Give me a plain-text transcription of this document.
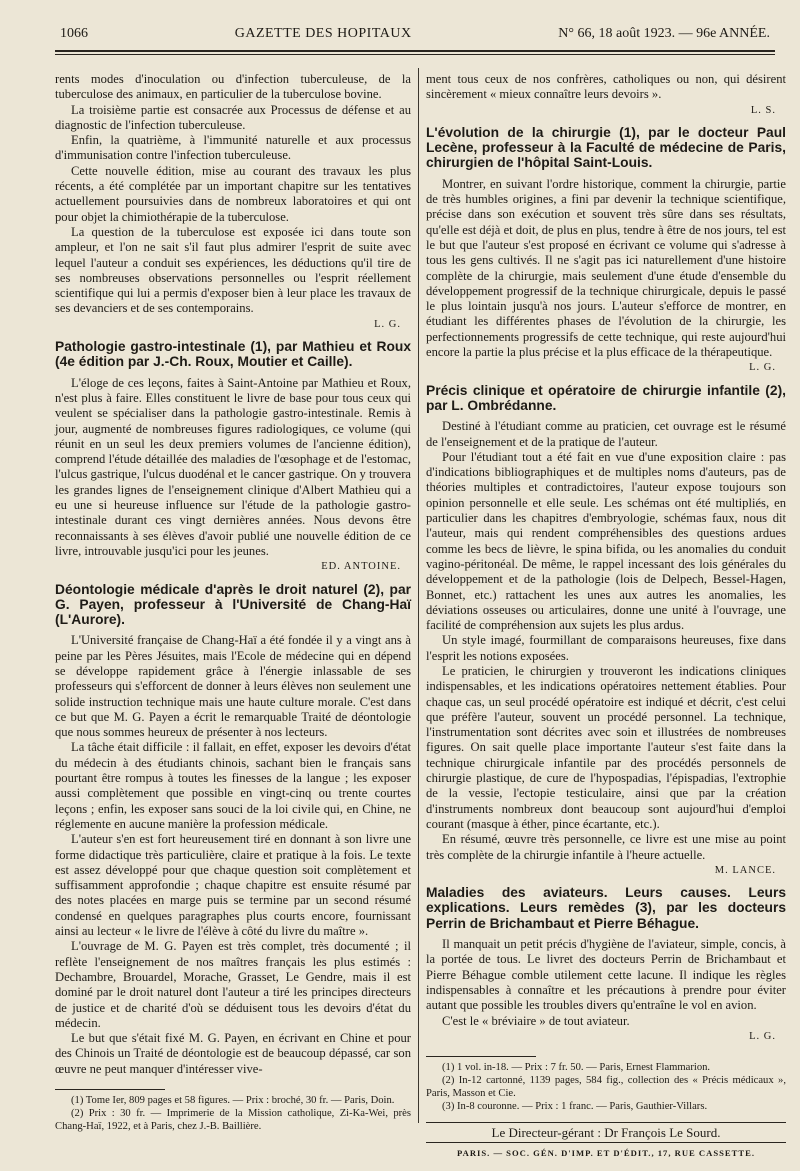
1066	GAZETTE DES HOPITAUX	N° 66, 18 août 1923. — 96e ANNÉE.

rents modes d'inoculation ou d'infection tuberculeuse, de la tuberculose des animaux, en particulier de la tuberculose bovine.

La troisième partie est consacrée aux Processus de défense et au diagnostic de l'infection tuberculeuse.

Enfin, la quatrième, à l'immunité naturelle et aux processus d'immunisation contre l'infection tuberculeuse.

Cette nouvelle édition, mise au courant des travaux les plus récents, a été complétée par un important chapitre sur les tentatives actuellement poursuivies dans de nombreux laboratoires et qui ont pour objet la chimiothérapie de la tuberculose.

La question de la tuberculose est exposée ici dans toute son ampleur, et l'on ne sait s'il faut plus admirer l'esprit de suite avec lequel l'auteur a conduit ses expériences, les déductions qu'il tire de ses nombreuses observations personnelles ou l'esprit réellement scientifique qui lui a permis d'exposer bien à leur place les travaux de ses devanciers et de ses contemporains.

L. G.

Pathologie gastro-intestinale (1), par Mathieu et Roux (4e édition par J.-Ch. Roux, Moutier et Caille).

L'éloge de ces leçons, faites à Saint-Antoine par Mathieu et Roux, n'est plus à faire. Elles constituent le livre de base pour tous ceux qui veulent se spécialiser dans la pathologie gastro-intestinale. Remis à jour, augmenté de nombreuses figures radiologiques, ce volume (qui réunit en un seul les deux premiers volumes de l'ancienne édition), comprend l'étude détaillée des maladies de l'œsophage et de l'estomac, l'ulcus gastrique, l'ulcus duodénal et le cancer gastrique. On y trouvera les grandes lignes de l'enseignement clinique d'Albert Mathieu qui a eu une si heureuse influence sur l'étude de la pathologie gastro-intestinale durant ces vingt dernières années. Nous devons être reconnaissants à ses élèves d'avoir publié une nouvelle édition de ce livre, introuvable jusqu'ici pour les jeunes.

ED. ANTOINE.

Déontologie médicale d'après le droit naturel (2), par G. Payen, professeur à l'Université de Chang-Haï (L'Aurore).

L'Université française de Chang-Haï a été fondée il y a vingt ans à peine par les Pères Jésuites, mais l'Ecole de médecine qui en dépend se développe rapidement grâce à l'énergie inlassable de ses professeurs qui s'efforcent de donner à leurs élèves non seulement une solide instruction technique mais une haute culture morale. C'est dans ce but que M. G. Payen a écrit le remarquable Traité de déontologie que nous sommes heureux de présenter à nos lecteurs.

La tâche était difficile : il fallait, en effet, exposer les devoirs d'état du médecin à des étudiants chinois, sachant bien le français sans pourtant être rompus à toutes les finesses de la langue ; les exposer aussi complètement que possible en vingt-cinq ou trente courtes leçons ; enfin, les exposer sans souci de la loi civile qui, en Chine, ne réglemente en aucune manière la profession médicale.

L'auteur s'en est fort heureusement tiré en donnant à son livre une forme didactique très particulière, claire et pratique à la fois. Le texte est assez développé pour que chaque question soit complètement et suffisamment approfondie ; chaque chapitre est ensuite résumé par des notes placées en marge puis se termine par un second résumé condensé en quelques paragraphes plus courts encore, fournissant ainsi au lecteur « le livre de l'élève à côté du livre du maître ».

L'ouvrage de M. G. Payen est très complet, très documenté ; il reflète l'enseignement de nos maîtres français les plus estimés : Dechambre, Brouardel, Morache, Grasset, Le Gendre, mais il est dominé par le droit naturel dont l'auteur a tiré les principes directeurs de justice et de charité d'où se déduisent tous les devoirs d'état du médecin.

Le but que s'était fixé M. G. Payen, en écrivant en Chine et pour des Chinois un Traité de déontologie est de beaucoup dépassé, car son œuvre ne peut manquer d'intéresser vive-

(1) Tome Ier, 809 pages et 58 figures. — Prix : broché, 30 fr. — Paris, Doin.

(2) Prix : 30 fr. — Imprimerie de la Mission catholique, Zi-Ka-Wei, près Chang-Haï, 1922, et à Paris, chez J.-B. Baillière.

ment tous ceux de nos confrères, catholiques ou non, qui désirent sincèrement « mieux connaître leurs devoirs ».

L. S.

L'évolution de la chirurgie (1), par le docteur Paul Lecène, professeur à la Faculté de médecine de Paris, chirurgien de l'hôpital Saint-Louis.

Montrer, en suivant l'ordre historique, comment la chirurgie, partie de très humbles origines, a fini par devenir la technique scientifique, précise dans son exécution et souvent très sûre dans ses résultats, qu'elle est déjà et doit, de plus en plus, tendre à être de nos jours, tel est le but que l'auteur s'est proposé en écrivant ce volume qui s'adresse à tous les gens cultivés. Il ne s'agit pas ici naturellement d'une histoire complète de la chirurgie, mais seulement d'une étude d'ensemble du développement progressif de la technique chirurgicale, depuis le passé le plus lointain jusqu'à nos jours. L'auteur s'efforce de montrer, en étudiant les différentes phases de l'évolution de la chirurgie, les perfectionnements progressifs de cette technique, qui reste aujourd'hui encore la partie la plus précise et la plus efficace de la thérapeutique.

L. G.

Précis clinique et opératoire de chirurgie infantile (2), par L. Ombrédanne.

Destiné à l'étudiant comme au praticien, cet ouvrage est le résumé de l'enseignement et de la pratique de l'auteur.

Pour l'étudiant tout a été fait en vue d'une exposition claire : pas d'indications bibliographiques et de multiples noms d'auteurs, pas de théories multiples et contradictoires, l'auteur expose toujours son opinion personnelle et elle seule. Les schémas ont été multipliés, en particulier dans les chapitres d'embryologie, schémas faux, nous dit l'auteur, mais qui rendent compréhensibles des questions ardues comme les becs de lièvre, le spina bifida, ou les anomalies du conduit vagino-péritonéal. De même, le rappel incessant des lois générales du développement et de la pathologie (lois de Delpech, Bessel-Hagen, Bonnet, etc.) rattachent les unes aux autres les anomalies, les déviations osseuses ou articulaires, donne une unité à l'ouvrage, une facilité de compréhension aux sujets les plus ardus.

Un style imagé, fourmillant de comparaisons heureuses, fixe dans l'esprit les notions exposées.

Le praticien, le chirurgien y trouveront les indications cliniques indispensables, et les indications opératoires nettement établies. Pour chaque cas, un seul procédé opératoire est indiqué et décrit, c'est celui que préfère l'auteur, souvent un procédé personnel. La technique, l'instrumentation sont décrites avec soin et illustrées de nombreuses figures. On sait quelle place importante l'auteur s'est faite dans la technique chirurgicale infantile par des procédés personnels de chirurgie plastique, de cure de l'hypospadias, l'épispadias, l'extrophie de la vessie, l'ectopie testiculaire, ainsi que par la création d'instruments nombreux dont beaucoup sont aujourd'hui d'emploi courant (masque à éther, pince écartante, etc.).

En résumé, œuvre très personnelle, ce livre est une mise au point très complète de la chirurgie infantile à l'heure actuelle.

M. LANCE.

Maladies des aviateurs. Leurs causes. Leurs explications. Leurs remèdes (3), par les docteurs Perrin de Brichambaut et Pierre Béhague.

Il manquait un petit précis d'hygiène de l'aviateur, simple, concis, à la portée de tous. Le livret des docteurs Perrin de Brichambaut et Pierre Béhague comble utilement cette lacune. Il indique les règles indispensables à connaître et les précautions à prendre pour éviter autant que possible les troubles divers qu'entraîne le vol en avion.

C'est le « bréviaire » de tout aviateur.

L. G.

(1) 1 vol. in-18. — Prix : 7 fr. 50. — Paris, Ernest Flammarion.

(2) In-12 cartonné, 1139 pages, 584 fig., collection des « Précis médicaux », Paris, Masson et Cie.

(3) In-8 couronne. — Prix : 1 franc. — Paris, Gauthier-Villars.

Le Directeur-gérant : Dr François Le Sourd.
PARIS. — SOC. GÉN. D'IMP. ET D'ÉDIT., 17, RUE CASSETTE.
